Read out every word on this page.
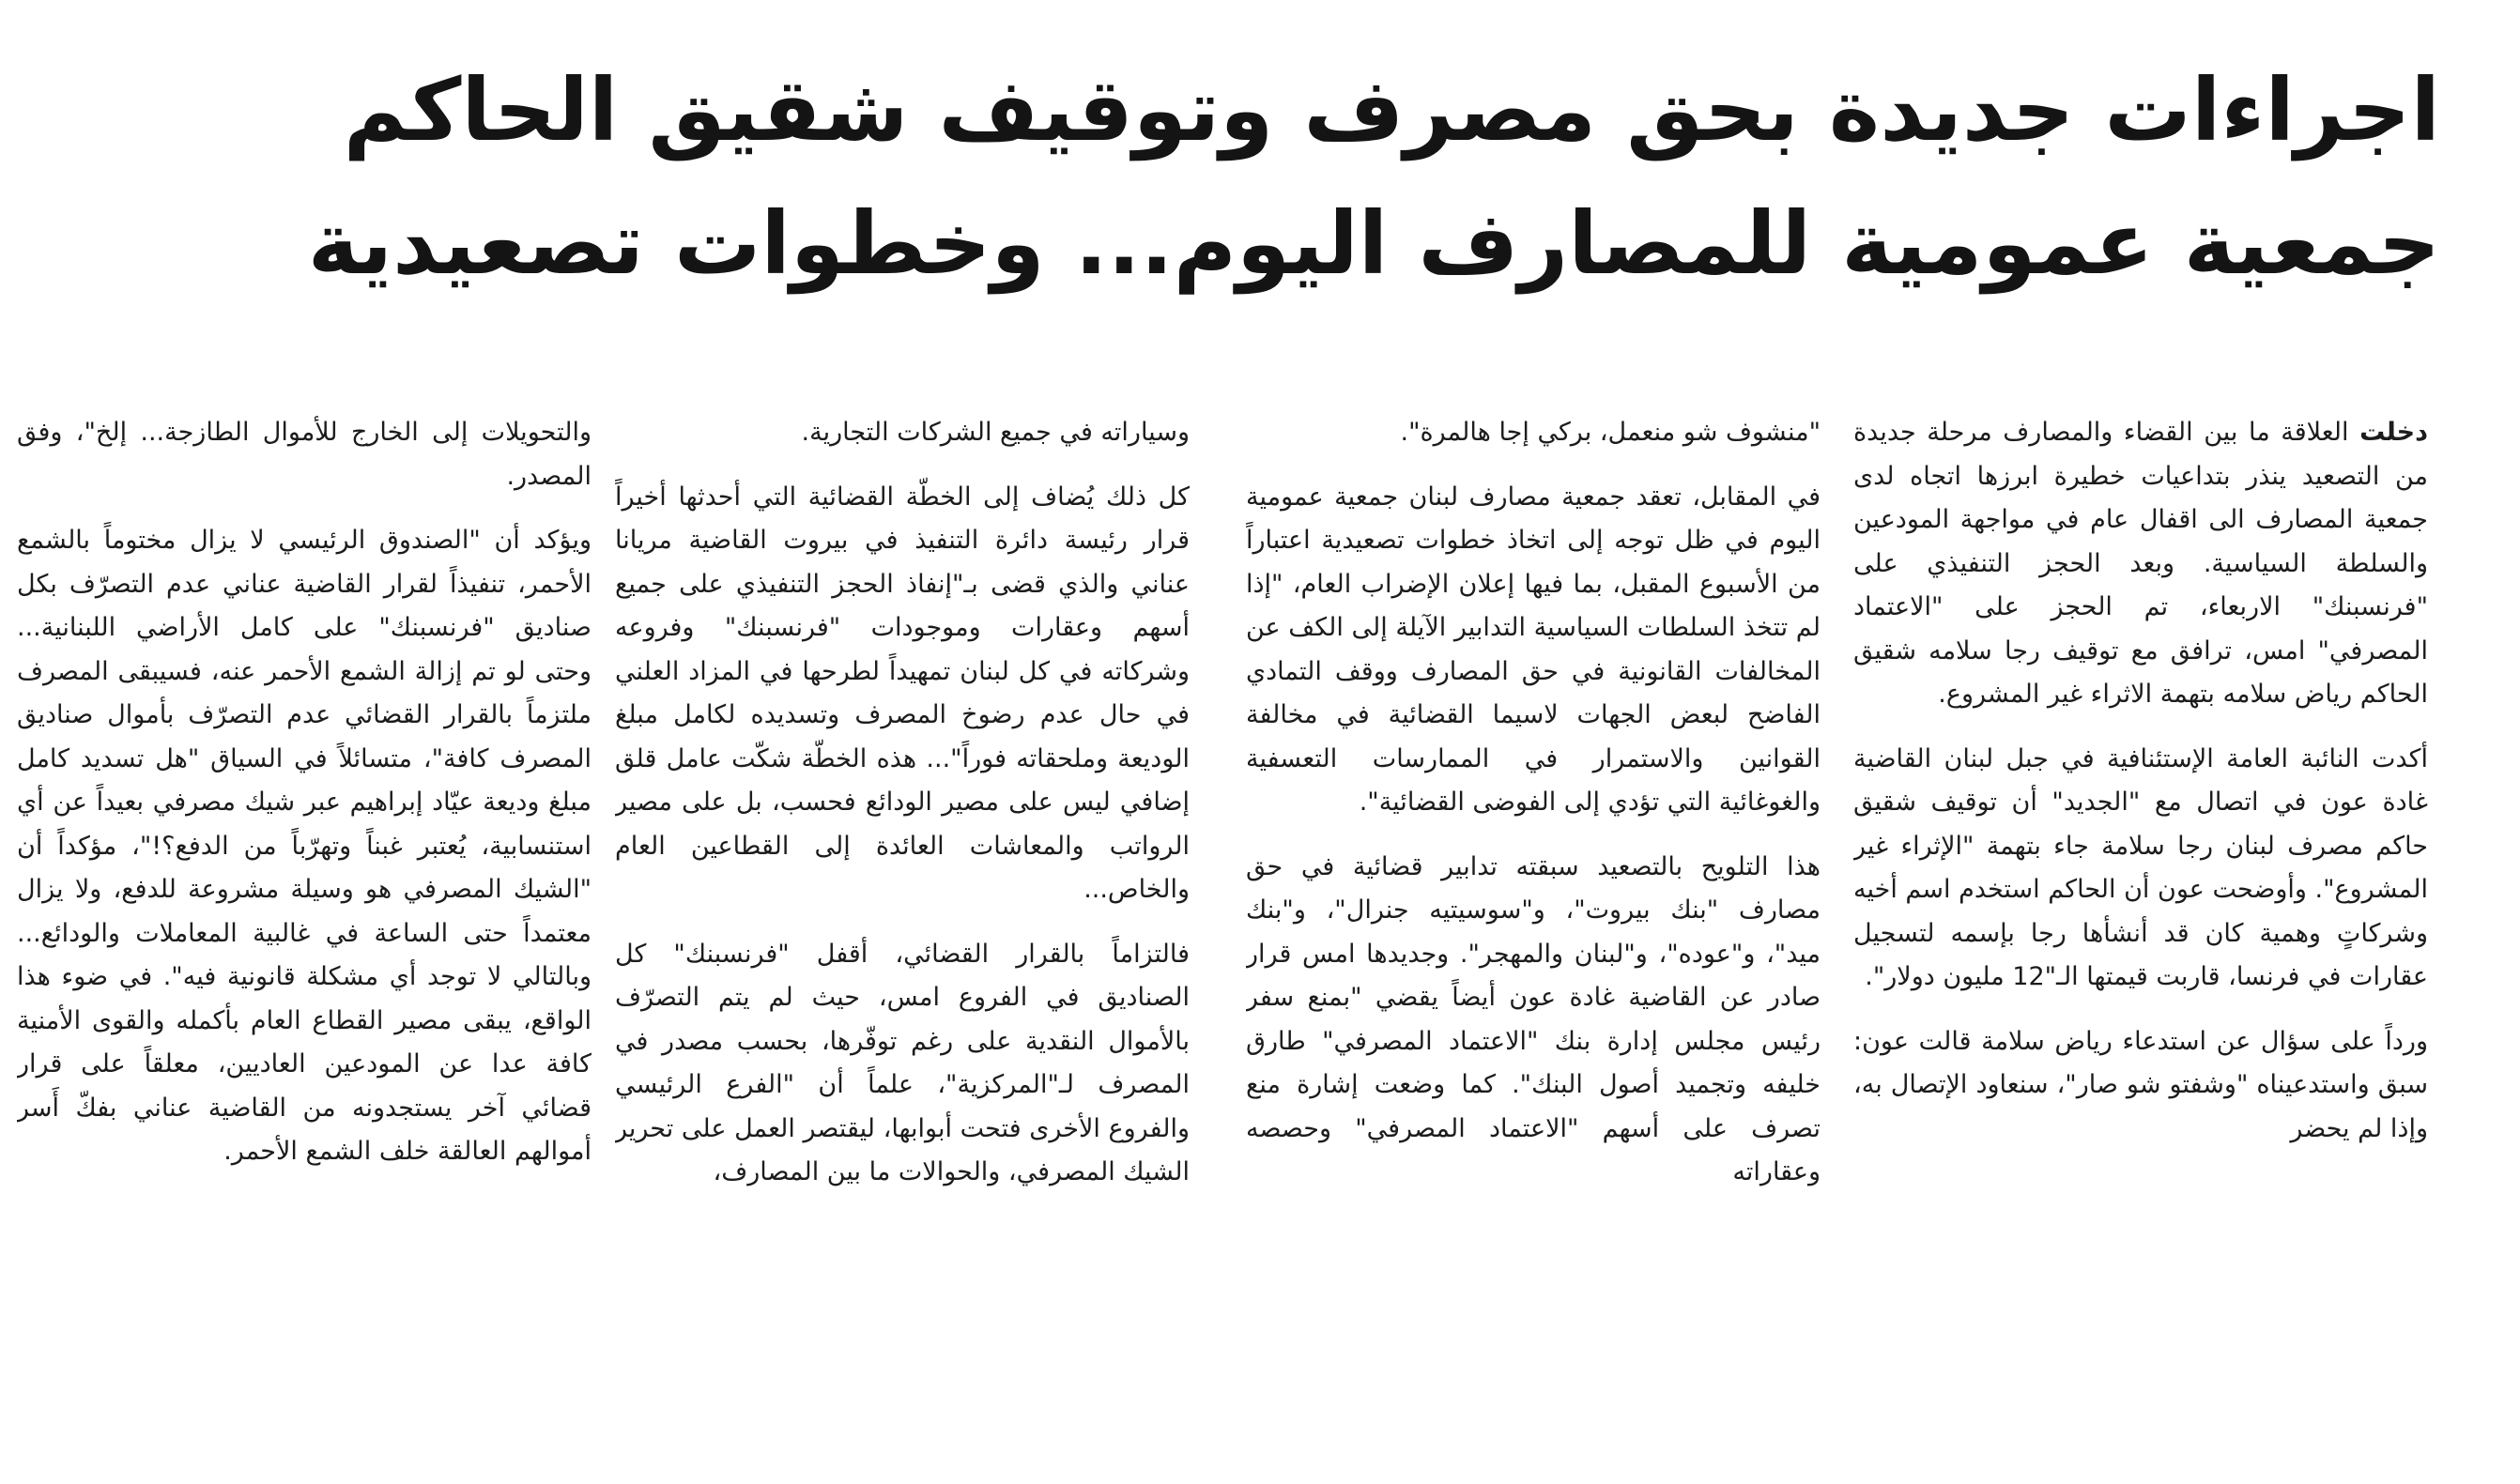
اجراءات جديدة بحق مصرف وتوقيف شقيق الحاكم
جمعية عمومية للمصارف اليوم... وخطوات تصعيدية

دخلت العلاقة ما بين القضاء والمصارف مرحلة جديدة من التصعيد ينذر بتداعيات خطيرة ابرزها اتجاه لدى جمعية المصارف الى اقفال عام في مواجهة المودعين والسلطة السياسية. وبعد الحجز التنفيذي على "فرنسبنك" الاربعاء، تم الحجز على "الاعتماد المصرفي" امس، ترافق مع توقيف رجا سلامه شقيق الحاكم رياض سلامه بتهمة الاثراء غير المشروع.

أكدت النائبة العامة الإستئنافية في جبل لبنان القاضية غادة عون في اتصال مع "الجديد" أن توقيف شقيق حاكم مصرف لبنان رجا سلامة جاء بتهمة "الإثراء غير المشروع". وأوضحت عون أن الحاكم استخدم اسم أخيه وشركاتٍ وهمية كان قد أنشأها رجا بإسمه لتسجيل عقارات في فرنسا، قاربت قيمتها الـ"12 مليون دولار".

ورداً على سؤال عن استدعاء رياض سلامة قالت عون: سبق واستدعيناه "وشفتو شو صار"، سنعاود الإتصال به، وإذا لم يحضر

"منشوف شو منعمل، بركي إجا هالمرة".

في المقابل، تعقد جمعية مصارف لبنان جمعية عمومية اليوم في ظل توجه إلى اتخاذ خطوات تصعيدية اعتباراً من الأسبوع المقبل، بما فيها إعلان الإضراب العام، "إذا لم تتخذ السلطات السياسية التدابير الآيلة إلى الكف عن المخالفات القانونية في حق المصارف ووقف التمادي الفاضح لبعض الجهات لاسيما القضائية في مخالفة القوانين والاستمرار في الممارسات التعسفية والغوغائية التي تؤدي إلى الفوضى القضائية".

هذا التلويح بالتصعيد سبقته تدابير قضائية في حق مصارف "بنك بيروت"، و"سوسيتيه جنرال"، و"بنك ميد"، و"عوده"، و"لبنان والمهجر". وجديدها امس قرار صادر عن القاضية غادة عون أيضاً يقضي "بمنع سفر رئيس مجلس إدارة بنك "الاعتماد المصرفي" طارق خليفه وتجميد أصول البنك". كما وضعت إشارة منع تصرف على أسهم "الاعتماد المصرفي" وحصصه وعقاراته

وسياراته في جميع الشركات التجارية.

كل ذلك يُضاف إلى الخطّة القضائية التي أحدثها أخيراً قرار رئيسة دائرة التنفيذ في بيروت القاضية مريانا عناني والذي قضى بـ"إنفاذ الحجز التنفيذي على جميع أسهم وعقارات وموجودات "فرنسبنك" وفروعه وشركاته في كل لبنان تمهيداً لطرحها في المزاد العلني في حال عدم رضوخ المصرف وتسديده لكامل مبلغ الوديعة وملحقاته فوراً"... هذه الخطّة شكّت عامل قلق إضافي ليس على مصير الودائع فحسب، بل على مصير الرواتب والمعاشات العائدة إلى القطاعين العام والخاص...

فالتزاماً بالقرار القضائي، أقفل "فرنسبنك" كل الصناديق في الفروع امس، حيث لم يتم التصرّف بالأموال النقدية على رغم توفّرها، بحسب مصدر في المصرف لـ"المركزية"، علماً أن "الفرع الرئيسي والفروع الأخرى فتحت أبوابها، ليقتصر العمل على تحرير الشيك المصرفي، والحوالات ما بين المصارف،

والتحويلات إلى الخارج للأموال الطازجة... إلخ"، وفق المصدر.

ويؤكد أن "الصندوق الرئيسي لا يزال مختوماً بالشمع الأحمر، تنفيذاً لقرار القاضية عناني عدم التصرّف بكل صناديق "فرنسبنك" على كامل الأراضي اللبنانية... وحتى لو تم إزالة الشمع الأحمر عنه، فسيبقى المصرف ملتزماً بالقرار القضائي عدم التصرّف بأموال صناديق المصرف كافة"، متسائلاً في السياق "هل تسديد كامل مبلغ وديعة عيّاد إبراهيم عبر شيك مصرفي بعيداً عن أي استنسابية، يُعتبر غبناً وتهرّباً من الدفع؟!"، مؤكداً أن "الشيك المصرفي هو وسيلة مشروعة للدفع، ولا يزال معتمداً حتى الساعة في غالبية المعاملات والودائع... وبالتالي لا توجد أي مشكلة قانونية فيه". في ضوء هذا الواقع، يبقى مصير القطاع العام بأكمله والقوى الأمنية كافة عدا عن المودعين العاديين، معلقاً على قرار قضائي آخر يستجدونه من القاضية عناني بفكّ أَسر أموالهم العالقة خلف الشمع الأحمر.
